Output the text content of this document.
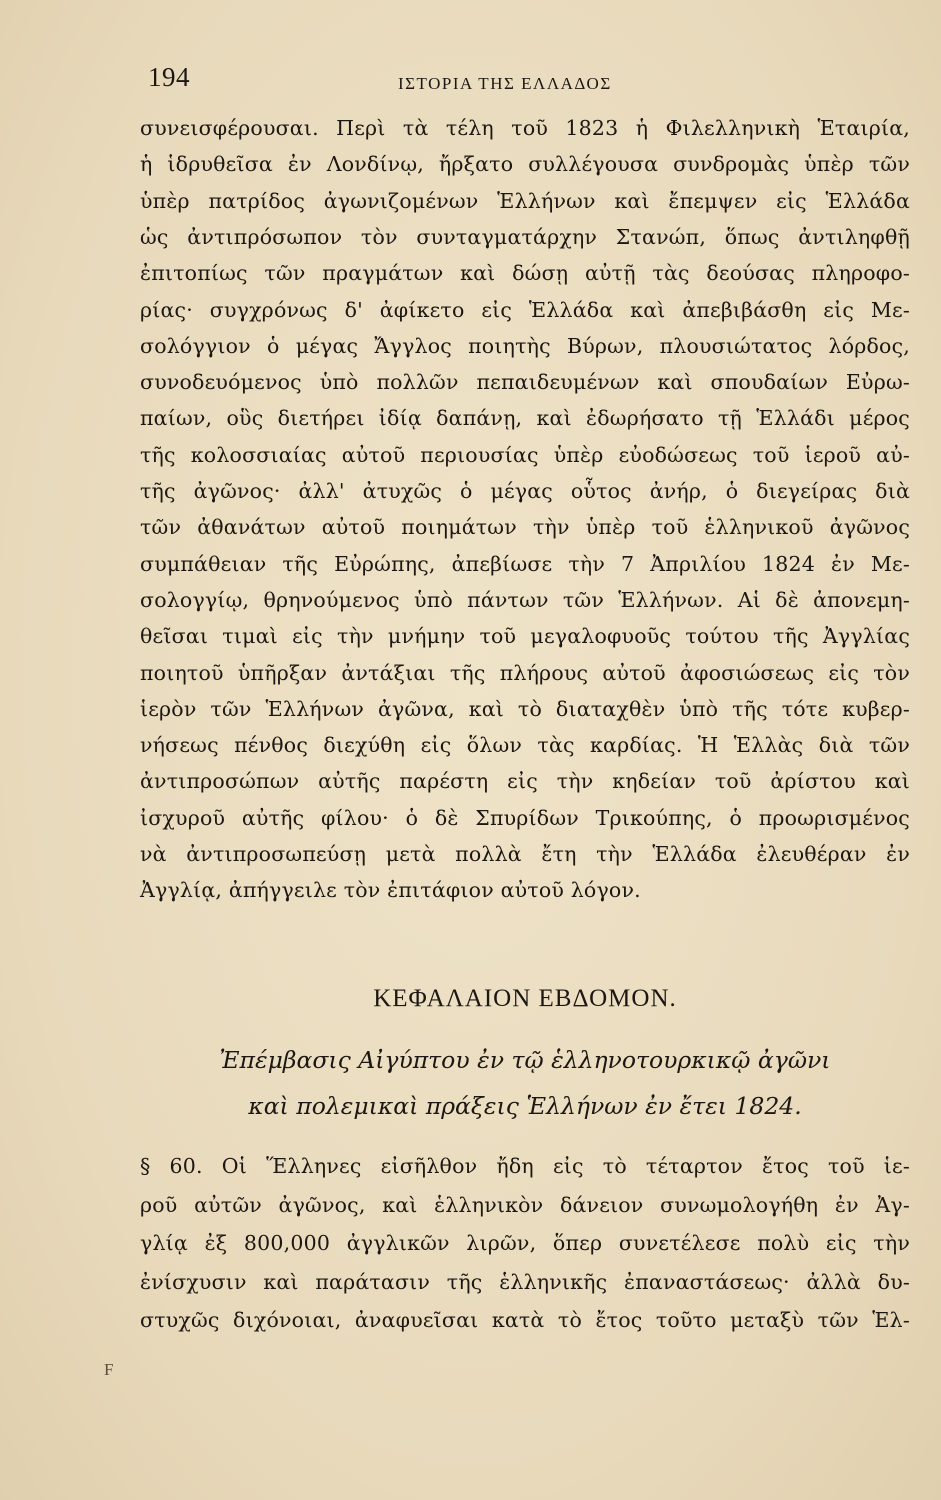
194	ΙΣΤΟΡΙΑ ΤΗΣ ΕΛΛΑΔΟΣ
συνεισφέρουσαι. Περὶ τὰ τέλη τοῦ 1823 ἡ Φιλελληνικὴ Ἑταιρία,
ἡ ἱδρυθεῖσα ἐν Λονδίνῳ, ἤρξατο συλλέγουσα συνδρομὰς ὑπὲρ τῶν
ὑπὲρ πατρίδος ἀγωνιζομένων Ἑλλήνων καὶ ἔπεμψεν εἰς Ἑλλάδα
ὡς ἀντιπρόσωπον τὸν συνταγματάρχην Στανώπ, ὅπως ἀντιληφθῇ
ἐπιτοπίως τῶν πραγμάτων καὶ δώσῃ αὐτῇ τὰς δεούσας πληροφο-
ρίας· συγχρόνως δ' ἀφίκετο εἰς Ἑλλάδα καὶ ἀπεβιβάσθη εἰς Με-
σολόγγιον ὁ μέγας Ἄγγλος ποιητὴς Βύρων, πλουσιώτατος λόρδος,
συνοδευόμενος ὑπὸ πολλῶν πεπαιδευμένων καὶ σπουδαίων Εὐρω-
παίων, οὓς διετήρει ἰδίᾳ δαπάνῃ, καὶ ἐδωρήσατο τῇ Ἑλλάδι μέρος
τῆς κολοσσιαίας αὐτοῦ περιουσίας ὑπὲρ εὐοδώσεως τοῦ ἱεροῦ αὐ-
τῆς ἀγῶνος· ἀλλ' ἀτυχῶς ὁ μέγας οὗτος ἀνήρ, ὁ διεγείρας διὰ
τῶν ἀθανάτων αὐτοῦ ποιημάτων τὴν ὑπὲρ τοῦ ἑλληνικοῦ ἀγῶνος
συμπάθειαν τῆς Εὐρώπης, ἀπεβίωσε τὴν 7 Ἀπριλίου 1824 ἐν Με-
σολογγίῳ, θρηνούμενος ὑπὸ πάντων τῶν Ἑλλήνων. Αἱ δὲ ἀπονεμη-
θεῖσαι τιμαὶ εἰς τὴν μνήμην τοῦ μεγαλοφυοῦς τούτου τῆς Ἀγγλίας
ποιητοῦ ὑπῆρξαν ἀντάξιαι τῆς πλήρους αὐτοῦ ἀφοσιώσεως εἰς τὸν
ἱερὸν τῶν Ἑλλήνων ἀγῶνα, καὶ τὸ διαταχθὲν ὑπὸ τῆς τότε κυβερ-
νήσεως πένθος διεχύθη εἰς ὅλων τὰς καρδίας. Ἡ Ἑλλὰς διὰ τῶν
ἀντιπροσώπων αὐτῆς παρέστη εἰς τὴν κηδείαν τοῦ ἀρίστου καὶ
ἰσχυροῦ αὐτῆς φίλου· ὁ δὲ Σπυρίδων Τρικούπης, ὁ προωρισμένος
νὰ ἀντιπροσωπεύσῃ μετὰ πολλὰ ἔτη τὴν Ἑλλάδα ἐλευθέραν ἐν
Ἀγγλίᾳ, ἀπήγγειλε τὸν ἐπιτάφιον αὐτοῦ λόγον.
ΚΕΦΑΛΑΙΟΝ ΕΒΔΟΜΟΝ.
Ἐπέμβασις Αἰγύπτου ἐν τῷ ἑλληνοτουρκικῷ ἀγῶνι
καὶ πολεμικαὶ πράξεις Ἑλλήνων ἐν ἔτει 1824.
§ 60. Οἱ Ἕλληνες εἰσῆλθον ἤδη εἰς τὸ τέταρτον ἔτος τοῦ ἱε-
ροῦ αὐτῶν ἀγῶνος, καὶ ἑλληνικὸν δάνειον συνωμολογήθη ἐν Ἀγ-
γλίᾳ ἐξ 800,000 ἀγγλικῶν λιρῶν, ὅπερ συνετέλεσε πολὺ εἰς τὴν
ἐνίσχυσιν καὶ παράτασιν τῆς ἑλληνικῆς ἐπαναστάσεως· ἀλλὰ δυ-
στυχῶς διχόνοιαι, ἀναφυεῖσαι κατὰ τὸ ἔτος τοῦτο μεταξὺ τῶν Ἑλ-
F
